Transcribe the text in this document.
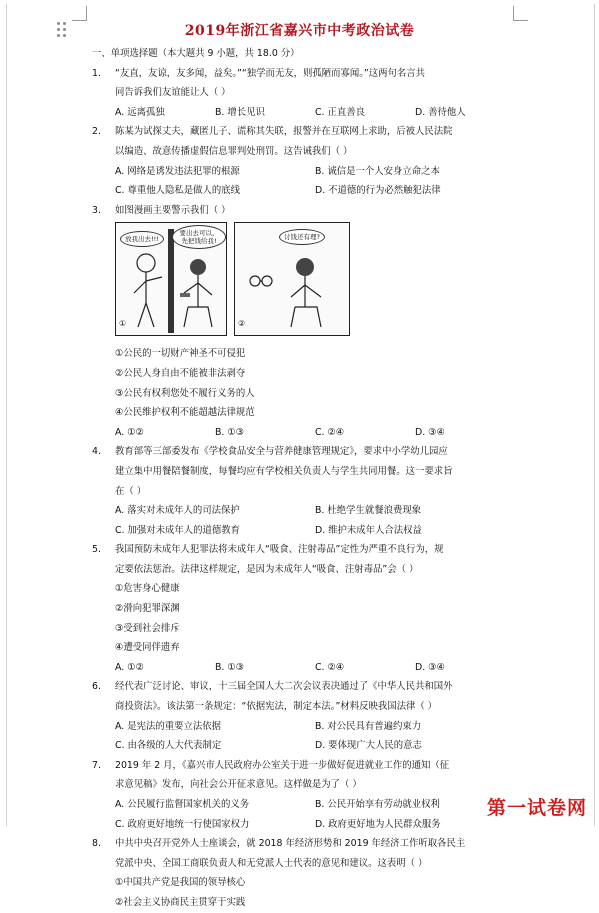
2019年浙江省嘉兴市中考政治试卷
一、单项选择题（本大题共 9 小题，共 18.0 分）
1. “友直，友谅，友多闻，益矣。”“独学而无友，则孤陋而寡闻。”这两句名言共
同告诉我们友谊能让人（ ）
A. 远离孤独	B. 增长见识	C. 正直善良	D. 善待他人
2. 陈某为试探丈夫，藏匿儿子、谎称其失联，报警并在互联网上求助，后被人民法院
以编造、故意传播虚假信息罪判处刑罚。这告诫我们（ ）
A. 网络是诱发违法犯罪的根源	B. 诚信是一个人安身立命之本
C. 尊重他人隐私是做人的底线	D. 不道德的行为必然触犯法律
3. 如图漫画主要警示我们（ ）
放我出去!!!
要出去可以，先把钱给我!
①
讨钱还有理?
②
①公民的一切财产神圣不可侵犯
②公民人身自由不能被非法剥夺
③公民有权利您处不履行义务的人
④公民维护权利不能超越法律规范
A. ①②	B. ①③	C. ②④	D. ③④
4. 教育部等三部委发布《学校食品安全与营养健康管理规定》，要求中小学幼儿园应
建立集中用餐陪餐制度，每餐均应有学校相关负责人与学生共同用餐。这一要求旨
在（ ）
A. 落实对未成年人的司法保护	B. 杜绝学生就餐浪费现象
C. 加强对未成年人的道德教育	D. 维护未成年人合法权益
5. 我国预防未成年人犯罪法将未成年人“吸食、注射毒品”定性为严重不良行为，规
定要依法惩治。法律这样规定，是因为未成年人“吸食、注射毒品”会（ ）
①危害身心健康
②滑向犯罪深渊
③受到社会排斥
④遭受同伴遗弃
A. ①②	B. ①③	C. ②④	D. ③④
6. 经代表广泛讨论、审议，十三届全国人大二次会议表决通过了《中华人民共和国外
商投资法》。该法第一条规定：“依据宪法，制定本法。”材料反映我国法律（ ）
A. 是宪法的重要立法依据	B. 对公民具有普遍约束力
C. 由各级的人大代表制定	D. 要体现广大人民的意志
7. 2019 年 2 月，《嘉兴市人民政府办公室关于进一步做好促进就业工作的通知（征
求意见稿》发布，向社会公开征求意见。这样做是为了（ ）
A. 公民履行监督国家机关的义务	B. 公民开始享有劳动就业权利
C. 政府更好地统一行使国家权力	D. 政府更好地为人民群众服务
8. 中共中央召开党外人士座谈会，就 2018 年经济形势和 2019 年经济工作听取各民主
党派中央、全国工商联负责人和无党派人士代表的意见和建议。这表明（ ）
①中国共产党是我国的领导核心
②社会主义协商民主贯穿于实践
第一试卷网
